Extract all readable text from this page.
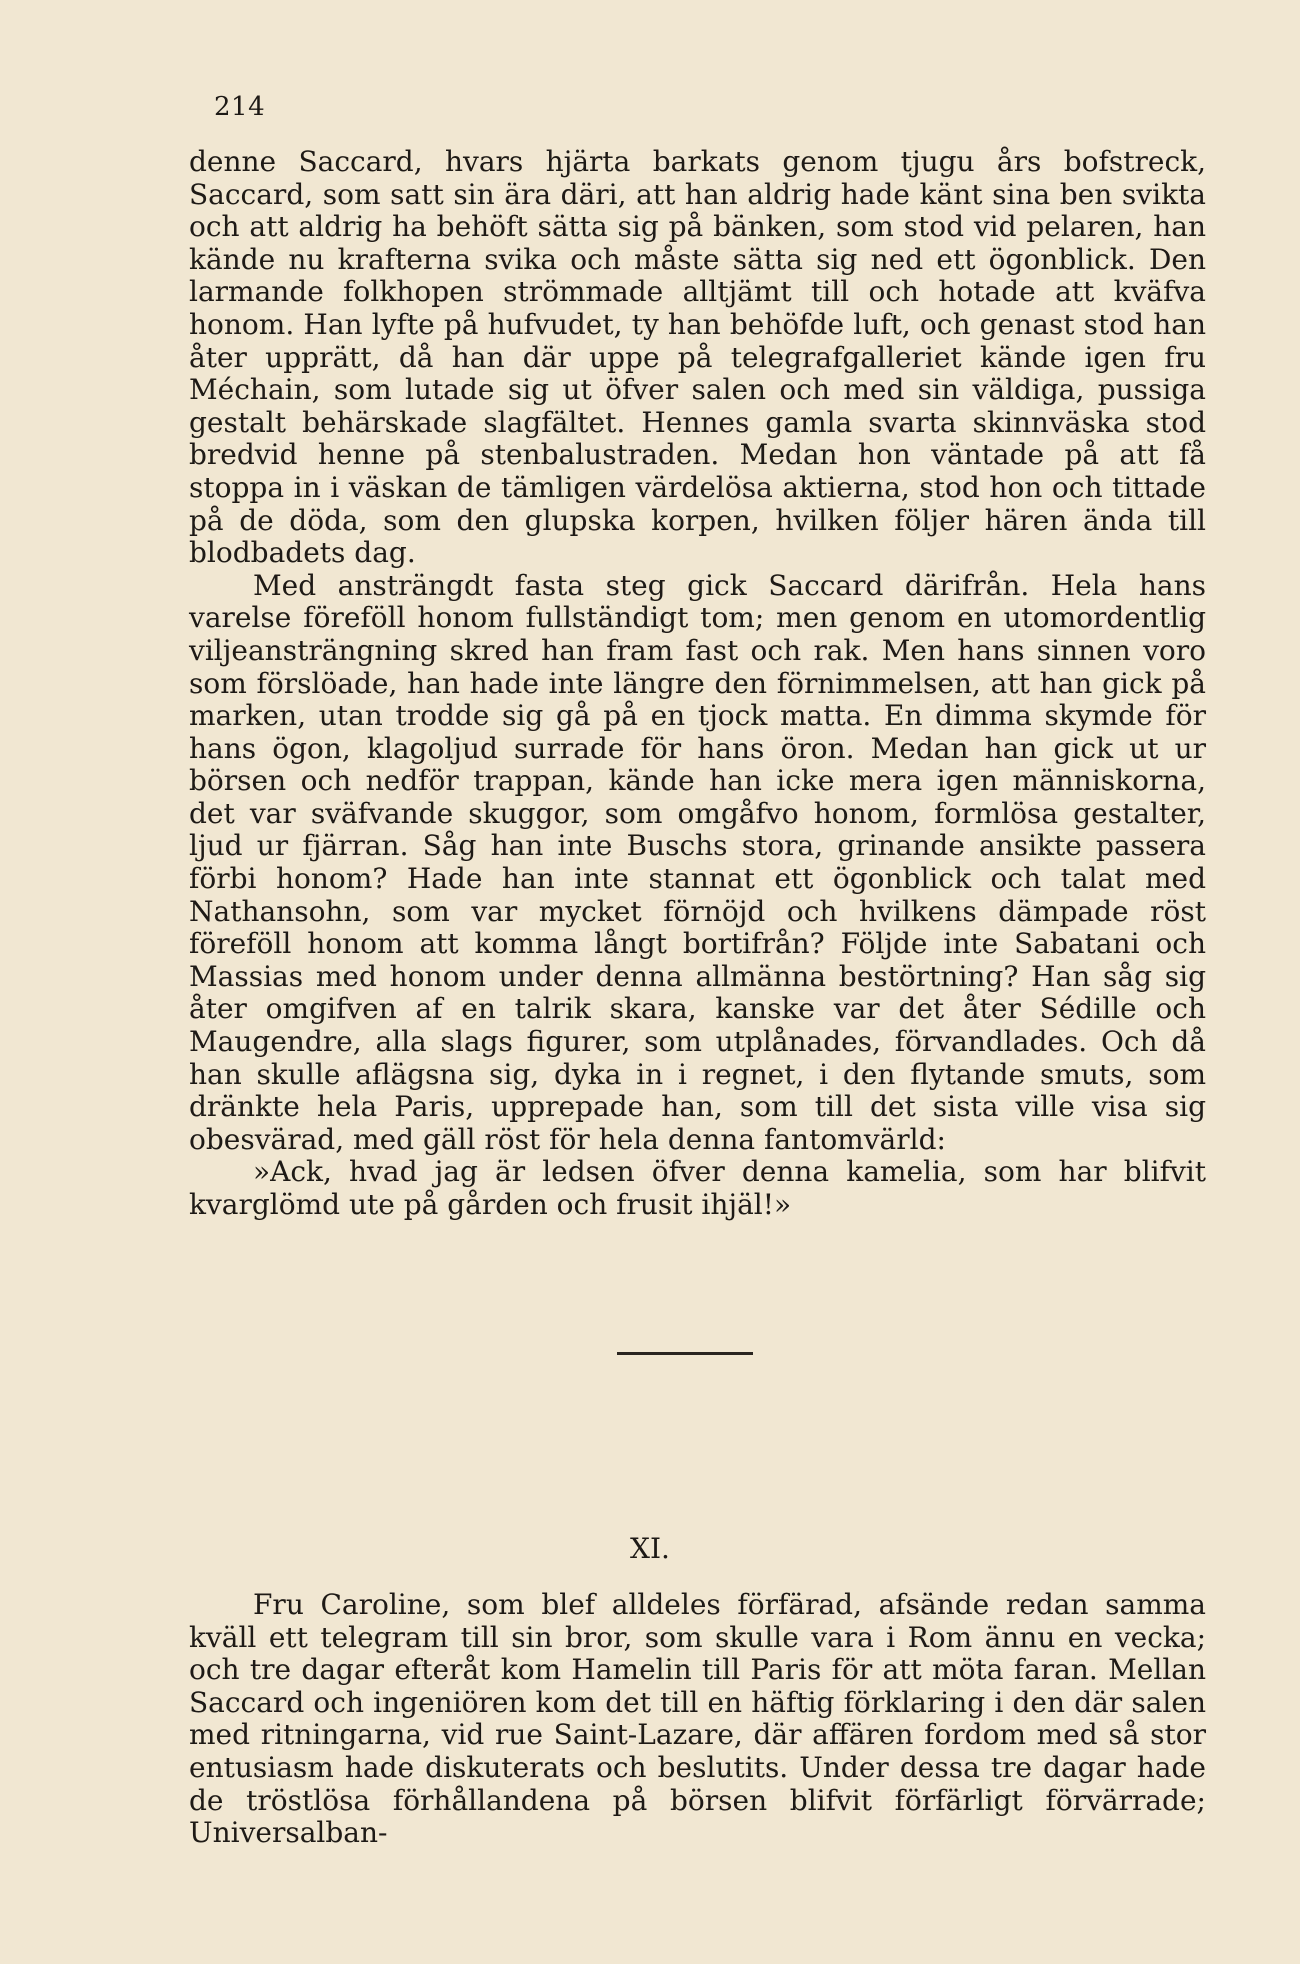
214

denne Saccard, hvars hjärta barkats genom tjugu års bofstreck, Saccard, som satt sin ära däri, att han aldrig hade känt sina ben svikta och att aldrig ha behöft sätta sig på bänken, som stod vid pelaren, han kände nu krafterna svika och måste sätta sig ned ett ögonblick. Den larmande folkhopen strömmade alltjämt till och hotade att kväfva honom. Han lyfte på hufvudet, ty han behöfde luft, och genast stod han åter upprätt, då han där uppe på telegrafgalleriet kände igen fru Méchain, som lutade sig ut öfver salen och med sin väldiga, pussiga gestalt behärskade slagfältet. Hennes gamla svarta skinnväska stod bredvid henne på stenbalustraden. Medan hon väntade på att få stoppa in i väskan de tämligen värdelösa aktierna, stod hon och tittade på de döda, som den glupska korpen, hvilken följer hären ända till blodbadets dag.

Med ansträngdt fasta steg gick Saccard därifrån. Hela hans varelse föreföll honom fullständigt tom; men genom en utomordentlig viljeansträngning skred han fram fast och rak. Men hans sinnen voro som förslöade, han hade inte längre den förnimmelsen, att han gick på marken, utan trodde sig gå på en tjock matta. En dimma skymde för hans ögon, klagoljud surrade för hans öron. Medan han gick ut ur börsen och nedför trappan, kände han icke mera igen människorna, det var sväfvande skuggor, som omgåfvo honom, formlösa gestalter, ljud ur fjärran. Såg han inte Buschs stora, grinande ansikte passera förbi honom? Hade han inte stannat ett ögonblick och talat med Nathansohn, som var mycket förnöjd och hvilkens dämpade röst föreföll honom att komma långt bortifrån? Följde inte Sabatani och Massias med honom under denna allmänna bestörtning? Han såg sig åter omgifven af en talrik skara, kanske var det åter Sédille och Maugendre, alla slags figurer, som utplånades, förvandlades. Och då han skulle aflägsna sig, dyka in i regnet, i den flytande smuts, som dränkte hela Paris, upprepade han, som till det sista ville visa sig obesvärad, med gäll röst för hela denna fantomvärld:

»Ack, hvad jag är ledsen öfver denna kamelia, som har blifvit kvarglömd ute på gården och frusit ihjäl!»

XI.

Fru Caroline, som blef alldeles förfärad, afsände redan samma kväll ett telegram till sin bror, som skulle vara i Rom ännu en vecka; och tre dagar efteråt kom Hamelin till Paris för att möta faran. Mellan Saccard och ingeniören kom det till en häftig förklaring i den där salen med ritningarna, vid rue Saint-Lazare, där affären fordom med så stor entusiasm hade diskuterats och beslutits. Under dessa tre dagar hade de tröstlösa förhållandena på börsen blifvit förfärligt förvärrade; Universalban-
